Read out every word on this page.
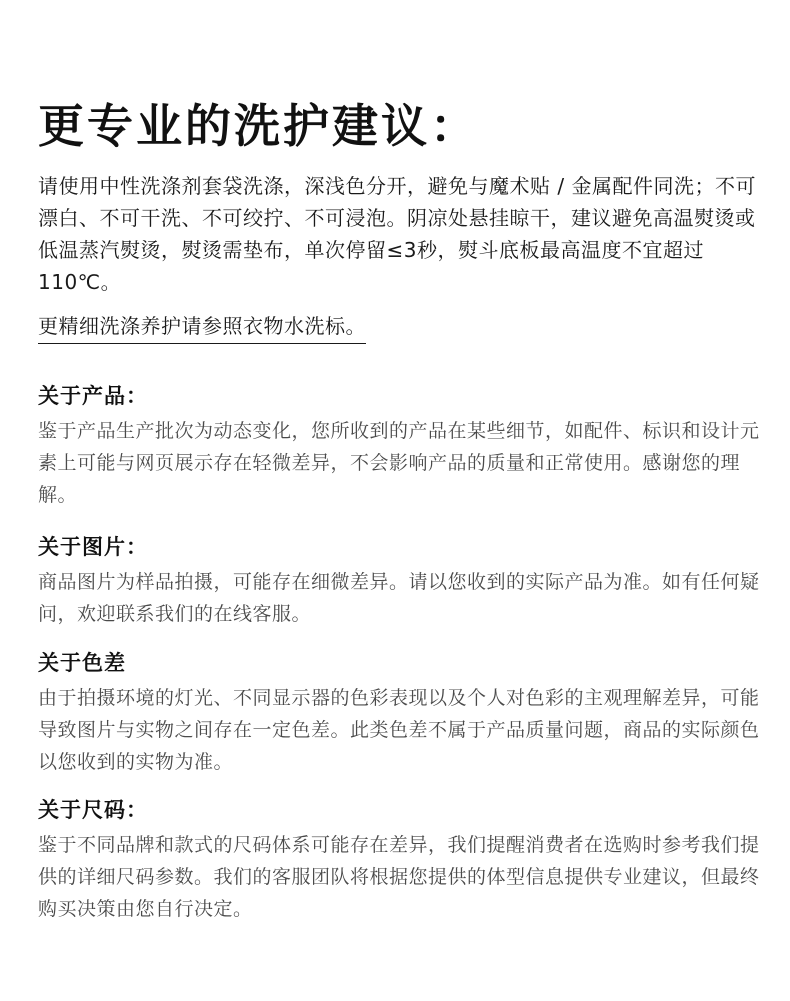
更专业的洗护建议：
请使用中性洗涤剂套袋洗涤，深浅色分开，避免与魔术贴 / 金属配件同洗；不可漂白、不可干洗、不可绞拧、不可浸泡。阴凉处悬挂晾干，建议避免高温熨烫或低温蒸汽熨烫，熨烫需垫布，单次停留≤3秒，熨斗底板最高温度不宜超过110℃。
更精细洗涤养护请参照衣物水洗标。
关于产品：
鉴于产品生产批次为动态变化，您所收到的产品在某些细节，如配件、标识和设计元素上可能与网页展示存在轻微差异，不会影响产品的质量和正常使用。感谢您的理解。
关于图片：
商品图片为样品拍摄，可能存在细微差异。请以您收到的实际产品为准。如有任何疑问，欢迎联系我们的在线客服。
关于色差
由于拍摄环境的灯光、不同显示器的色彩表现以及个人对色彩的主观理解差异，可能导致图片与实物之间存在一定色差。此类色差不属于产品质量问题，商品的实际颜色以您收到的实物为准。
关于尺码：
鉴于不同品牌和款式的尺码体系可能存在差异，我们提醒消费者在选购时参考我们提供的详细尺码参数。我们的客服团队将根据您提供的体型信息提供专业建议，但最终购买决策由您自行决定。
